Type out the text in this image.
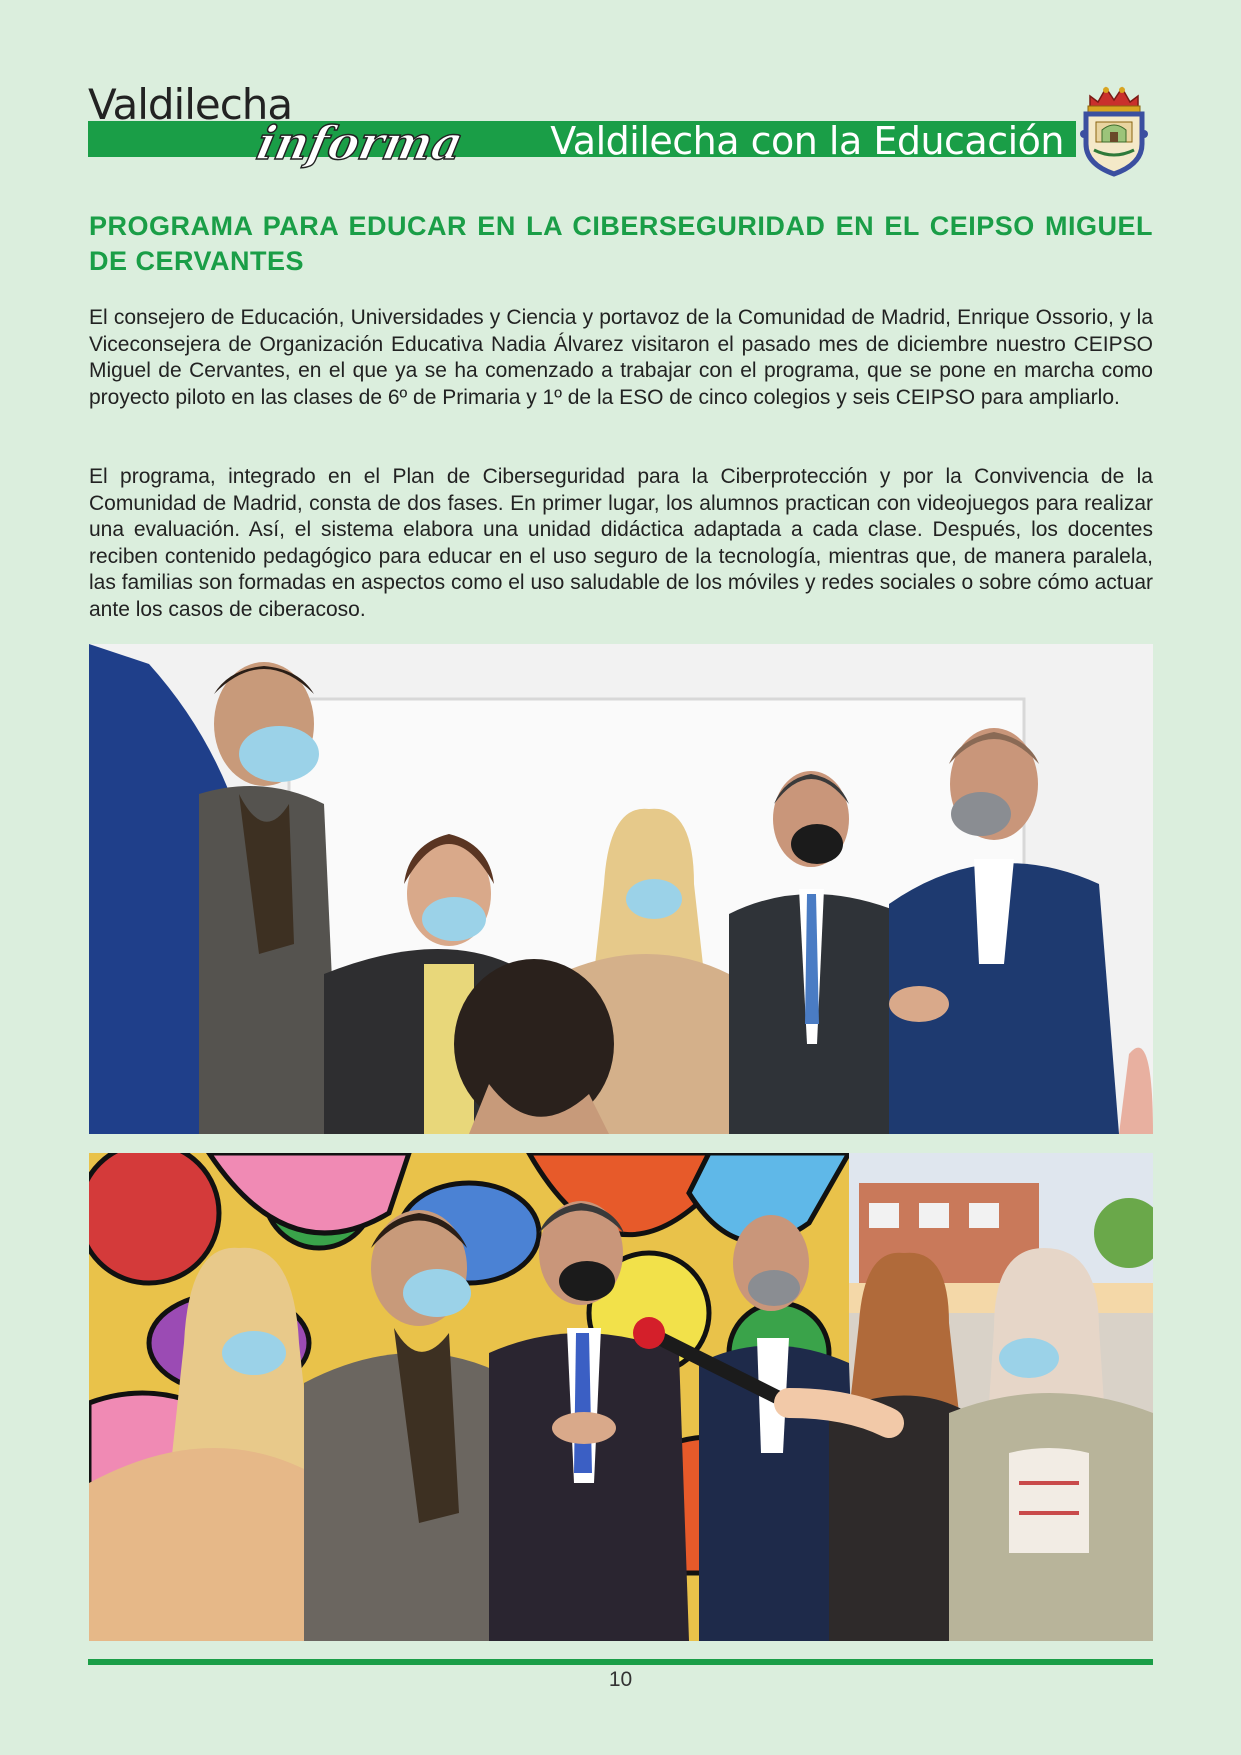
Valdilecha
informa Valdilecha con la Educación
PROGRAMA PARA EDUCAR EN LA CIBERSEGURIDAD EN EL CEIPSO MIGUEL DE CERVANTES
El consejero de Educación, Universidades y Ciencia y portavoz de la Comunidad de Madrid, Enrique Ossorio, y la Viceconsejera de Organización Educativa Nadia Álvarez visitaron el pasado mes de diciembre nuestro CEIPSO Miguel de Cervantes, en el que ya se ha comenzado a trabajar con el programa, que se pone en marcha como proyecto piloto en las clases de 6º de Primaria y 1º de la ESO de cinco colegios y seis CEIPSO para ampliarlo.
El programa, integrado en el Plan de Ciberseguridad para la Ciberprotección y por la Convivencia de la Comunidad de Madrid, consta de dos fases. En primer lugar, los alumnos practican con videojuegos para realizar una evaluación. Así, el sistema elabora una unidad didáctica adaptada a cada clase. Después, los docentes reciben contenido pedagógico para educar en el uso seguro de la tecnología, mientras que, de manera paralela, las familias son formadas en aspectos como el uso saludable de los móviles y redes sociales o sobre cómo actuar ante los casos de ciberacoso.
10
